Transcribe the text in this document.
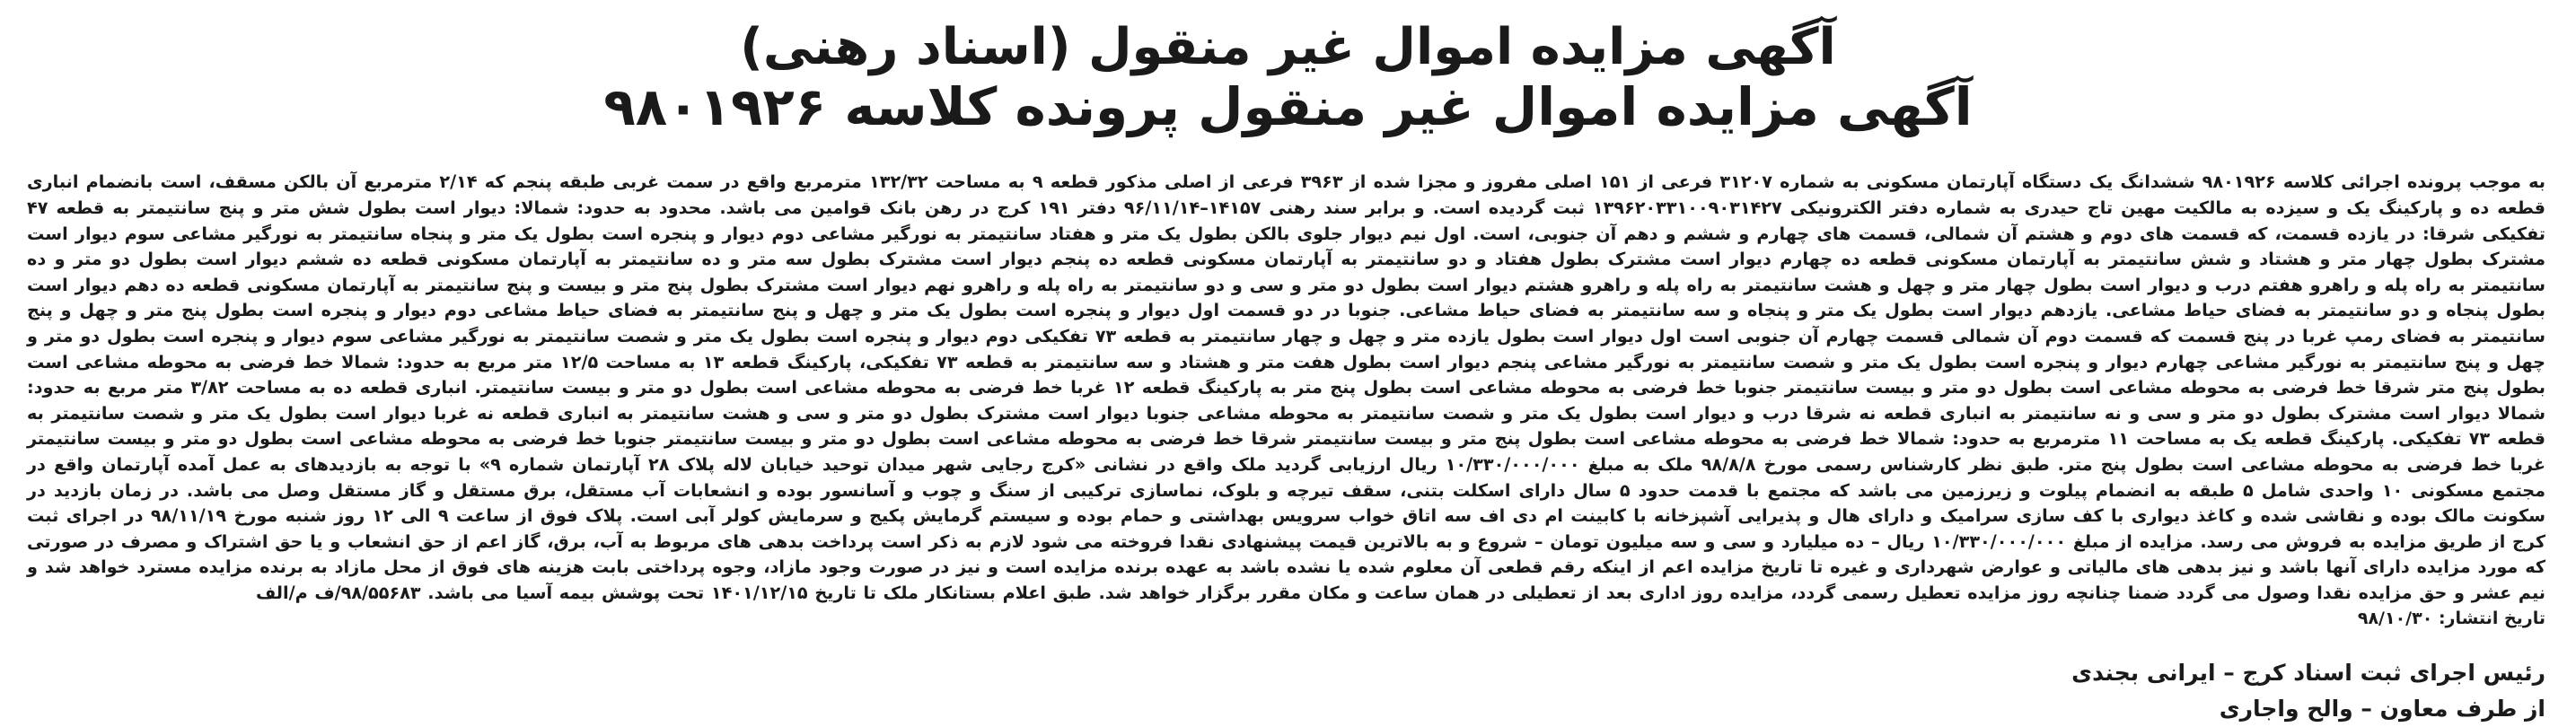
آگهی مزایده اموال غیر منقول (اسناد رهنی)
آگهی مزایده اموال غیر منقول پرونده کلاسه ۹۸۰۱۹۲۶

به موجب پرونده اجرائی کلاسه ۹۸۰۱۹۲۶ ششدانگ یک دستگاه آپارتمان مسکونی به شماره ۳۱۲۰۷ فرعی از ۱۵۱ اصلی مفروز و مجزا شده از ۳۹۶۳ فرعی از اصلی مذکور قطعه ۹ به مساحت ۱۳۲/۳۲ مترمربع واقع در سمت غربی طبقه پنجم که ۲/۱۴ مترمربع آن بالکن مسقف، است بانضمام انباری قطعه ده و پارکینگ یک و سیزده به مالکیت مهین تاج حیدری به شماره دفتر الکترونیکی ۱۳۹۶۲۰۳۳۱۰۰۹۰۳۱۴۲۷ ثبت گردیده است. و برابر سند رهنی ۱۴۱۵۷–۹۶/۱۱/۱۴ دفتر ۱۹۱ کرج در رهن بانک قوامین می باشد. محدود به حدود: شمالا: دیوار است بطول شش متر و پنج سانتیمتر به قطعه ۴۷ تفکیکی شرقا: در یازده قسمت، که قسمت های دوم و هشتم آن شمالی، قسمت های چهارم و ششم و دهم آن جنوبی، است. اول نیم دیوار جلوی بالکن بطول یک متر و هفتاد سانتیمتر به نورگیر مشاعی دوم دیوار و پنجره است بطول یک متر و پنجاه سانتیمتر به نورگیر مشاعی سوم دیوار است مشترک بطول چهار متر و هشتاد و شش سانتیمتر به آپارتمان مسکونی قطعه ده چهارم دیوار است مشترک بطول هفتاد و دو سانتیمتر به آپارتمان مسکونی قطعه ده پنجم دیوار است مشترک بطول سه متر و ده سانتیمتر به آپارتمان مسکونی قطعه ده ششم دیوار است بطول دو متر و ده سانتیمتر به راه پله و راهرو هفتم درب و دیوار است بطول چهار متر و چهل و هشت سانتیمتر به راه پله و راهرو هشتم دیوار است بطول دو متر و سی و دو سانتیمتر به راه پله و راهرو نهم دیوار است مشترک بطول پنج متر و بیست و پنج سانتیمتر به آپارتمان مسکونی قطعه ده دهم دیوار است بطول پنجاه و دو سانتیمتر به فضای حیاط مشاعی. یازدهم دیوار است بطول یک متر و پنجاه و سه سانتیمتر به فضای حیاط مشاعی. جنوبا در دو قسمت اول دیوار و پنجره است بطول یک متر و چهل و پنج سانتیمتر به فضای حیاط مشاعی دوم دیوار و پنجره است بطول پنج متر و چهل و پنج سانتیمتر به فضای رمپ غربا در پنج قسمت که قسمت دوم آن شمالی قسمت چهارم آن جنوبی است اول دیوار است بطول یازده متر و چهل و چهار سانتیمتر به قطعه ۷۳ تفکیکی دوم دیوار و پنجره است بطول یک متر و شصت سانتیمتر به نورگیر مشاعی سوم دیوار و پنجره است بطول دو متر و چهل و پنج سانتیمتر به نورگیر مشاعی چهارم دیوار و پنجره است بطول یک متر و شصت سانتیمتر به نورگیر مشاعی پنجم دیوار است بطول هفت متر و هشتاد و سه سانتیمتر به قطعه ۷۳ تفکیکی، پارکینگ قطعه ۱۳ به مساحت ۱۲/۵ متر مربع به حدود: شمالا خط فرضی به محوطه مشاعی است بطول پنج متر شرقا خط فرضی به محوطه مشاعی است بطول دو متر و بیست سانتیمتر جنوبا خط فرضی به محوطه مشاعی است بطول پنج متر به پارکینگ قطعه ۱۲ غربا خط فرضی به محوطه مشاعی است بطول دو متر و بیست سانتیمتر. انباری قطعه ده به مساحت ۳/۸۲ متر مربع به حدود: شمالا دیوار است مشترک بطول دو متر و سی و نه سانتیمتر به انباری قطعه نه شرقا درب و دیوار است بطول یک متر و شصت سانتیمتر به محوطه مشاعی جنوبا دیوار است مشترک بطول دو متر و سی و هشت سانتیمتر به انباری قطعه نه غربا دیوار است بطول یک متر و شصت سانتیمتر به قطعه ۷۳ تفکیکی. پارکینگ قطعه یک به مساحت ۱۱ مترمربع به حدود: شمالا خط فرضی به محوطه مشاعی است بطول پنج متر و بیست سانتیمتر شرقا خط فرضی به محوطه مشاعی است بطول دو متر و بیست سانتیمتر جنوبا خط فرضی به محوطه مشاعی است بطول دو متر و بیست سانتیمتر غربا خط فرضی به محوطه مشاعی است بطول پنج متر. طبق نظر کارشناس رسمی مورخ ۹۸/۸/۸ ملک به مبلغ ۱۰/۳۳۰/۰۰۰/۰۰۰ ریال ارزیابی گردید ملک واقع در نشانی «کرج رجایی شهر میدان توحید خیابان لاله پلاک ۲۸ آپارتمان شماره ۹» با توجه به بازدیدهای به عمل آمده آپارتمان واقع در مجتمع مسکونی ۱۰ واحدی شامل ۵ طبقه به انضمام پیلوت و زیرزمین می باشد که مجتمع با قدمت حدود ۵ سال دارای اسکلت بتنی، سقف تیرچه و بلوک، نماسازی ترکیبی از سنگ و چوب و آسانسور بوده و انشعابات آب مستقل، برق مستقل و گاز مستقل وصل می باشد. در زمان بازدید در سکونت مالک بوده و نقاشی شده و کاغذ دیواری با کف سازی سرامیک و دارای هال و پذیرایی آشپزخانه با کابینت ام دی اف سه اتاق خواب سرویس بهداشتی و حمام بوده و سیستم گرمایش پکیج و سرمایش کولر آبی است. پلاک فوق از ساعت ۹ الی ۱۲ روز شنبه مورخ ۹۸/۱۱/۱۹ در اجرای ثبت کرج از طریق مزایده به فروش می رسد. مزایده از مبلغ ۱۰/۳۳۰/۰۰۰/۰۰۰ ریال – ده میلیارد و سی و سه میلیون تومان – شروع و به بالاترین قیمت پیشنهادی نقدا فروخته می شود لازم به ذکر است پرداخت بدهی های مربوط به آب، برق، گاز اعم از حق انشعاب و یا حق اشتراک و مصرف در صورتی که مورد مزایده دارای آنها باشد و نیز بدهی های مالیاتی و عوارض شهرداری و غیره تا تاریخ مزایده اعم از اینکه رقم قطعی آن معلوم شده یا نشده باشد به عهده برنده مزایده است و نیز در صورت وجود مازاد، وجوه پرداختی بابت هزینه های فوق از محل مازاد به برنده مزایده مسترد خواهد شد و نیم عشر و حق مزایده نقدا وصول می گردد ضمنا چنانچه روز مزایده تعطیل رسمی گردد، مزایده روز اداری بعد از تعطیلی در همان ساعت و مکان مقرر برگزار خواهد شد. طبق اعلام بستانکار ملک تا تاریخ ۱۴۰۱/۱۲/۱۵ تحت پوشش بیمه آسیا می باشد. ۹۸/۵۵۶۸۳/ف م/الف

تاریخ انتشار: ۹۸/۱۰/۳۰
رئیس اجرای ثبت اسناد کرج – ایرانی بجندی
از طرف معاون – والح واجاری
